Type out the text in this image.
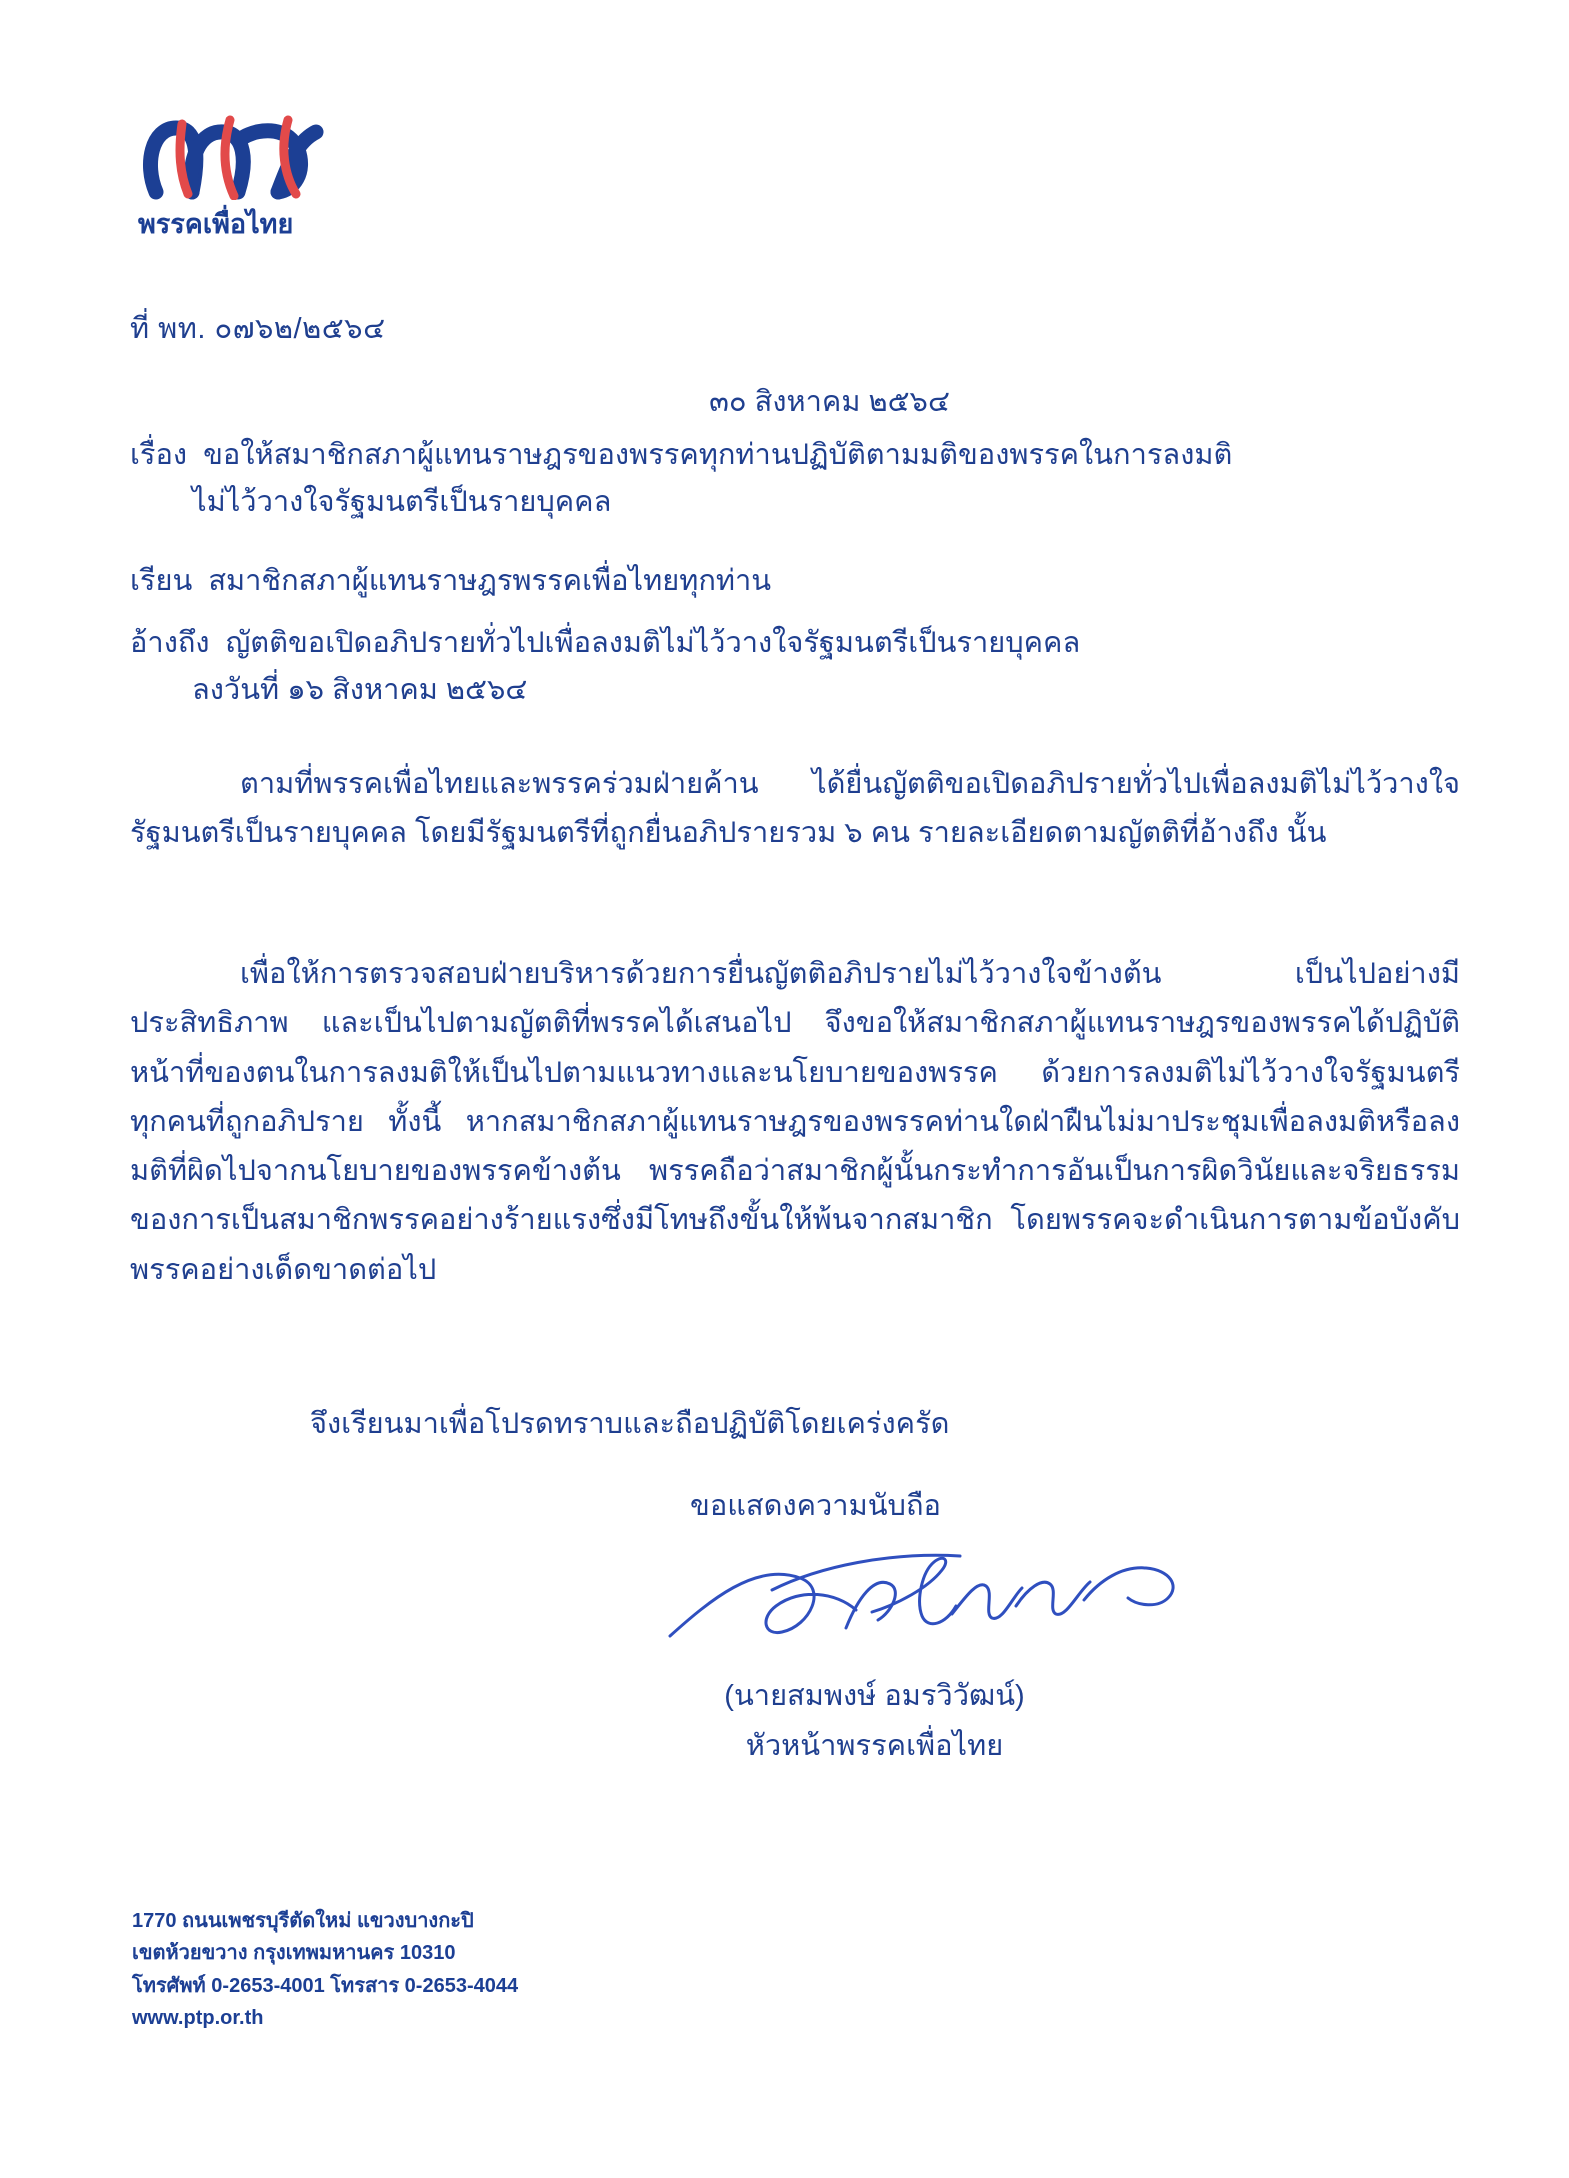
พรรคเพื่อไทย
ที่ พท. ๐๗๖๒/๒๕๖๔
๓๐ สิงหาคม ๒๕๖๔
เรื่อง ขอให้สมาชิกสภาผู้แทนราษฎรของพรรคทุกท่านปฏิบัติตามมติของพรรคในการลงมติ
ไม่ไว้วางใจรัฐมนตรีเป็นรายบุคคล
เรียน สมาชิกสภาผู้แทนราษฎรพรรคเพื่อไทยทุกท่าน
อ้างถึง ญัตติขอเปิดอภิปรายทั่วไปเพื่อลงมติไม่ไว้วางใจรัฐมนตรีเป็นรายบุคคล
ลงวันที่ ๑๖ สิงหาคม ๒๕๖๔
ตามที่พรรคเพื่อไทยและพรรคร่วมฝ่ายค้าน ได้ยื่นญัตติขอเปิดอภิปรายทั่วไปเพื่อลงมติไม่ไว้วางใจรัฐมนตรีเป็นรายบุคคล โดยมีรัฐมนตรีที่ถูกยื่นอภิปรายรวม ๖ คน รายละเอียดตามญัตติที่อ้างถึง นั้น
เพื่อให้การตรวจสอบฝ่ายบริหารด้วยการยื่นญัตติอภิปรายไม่ไว้วางใจข้างต้น เป็นไปอย่างมีประสิทธิภาพ และเป็นไปตามญัตติที่พรรคได้เสนอไป จึงขอให้สมาชิกสภาผู้แทนราษฎรของพรรคได้ปฏิบัติหน้าที่ของตนในการลงมติให้เป็นไปตามแนวทางและนโยบายของพรรค ด้วยการลงมติไม่ไว้วางใจรัฐมนตรีทุกคนที่ถูกอภิปราย ทั้งนี้ หากสมาชิกสภาผู้แทนราษฎรของพรรคท่านใดฝ่าฝืนไม่มาประชุมเพื่อลงมติหรือลงมติที่ผิดไปจากนโยบายของพรรคข้างต้น พรรคถือว่าสมาชิกผู้นั้นกระทำการอันเป็นการผิดวินัยและจริยธรรมของการเป็นสมาชิกพรรคอย่างร้ายแรงซึ่งมีโทษถึงขั้นให้พ้นจากสมาชิก โดยพรรคจะดำเนินการตามข้อบังคับพรรคอย่างเด็ดขาดต่อไป
จึงเรียนมาเพื่อโปรดทราบและถือปฏิบัติโดยเคร่งครัด
ขอแสดงความนับถือ
(นายสมพงษ์ อมรวิวัฒน์)
หัวหน้าพรรคเพื่อไทย
1770 ถนนเพชรบุรีตัดใหม่ แขวงบางกะปิ
เขตห้วยขวาง กรุงเทพมหานคร 10310
โทรศัพท์ 0-2653-4001 โทรสาร 0-2653-4044
www.ptp.or.th
